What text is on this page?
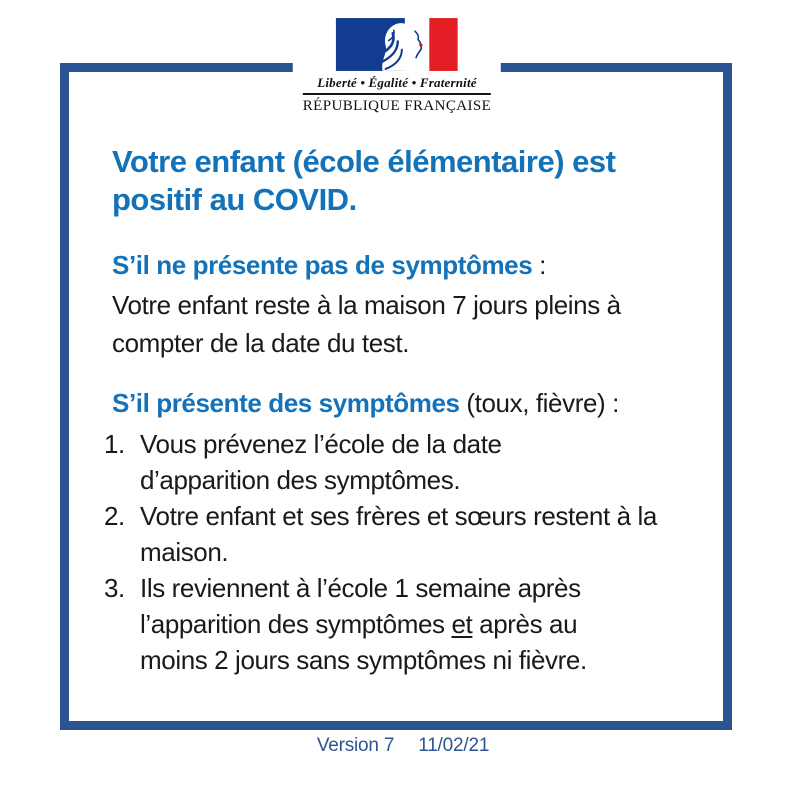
Votre enfant (école élémentaire) est
positif au COVID.
S’il ne présente pas de symptômes :
Votre enfant reste à la maison 7 jours pleins à
compter de la date du test.
S’il présente des symptômes (toux, fièvre) :
1. Vous prévenez l’école de la date
d’apparition des symptômes.
2. Votre enfant et ses frères et sœurs restent à la
maison.
3. Ils reviennent à l’école 1 semaine après
l’apparition des symptômes et après au
moins 2 jours sans symptômes ni fièvre.
Liberté • Égalité • Fraternité
RÉPUBLIQUE FRANÇAISE
Version 7 11/02/21
